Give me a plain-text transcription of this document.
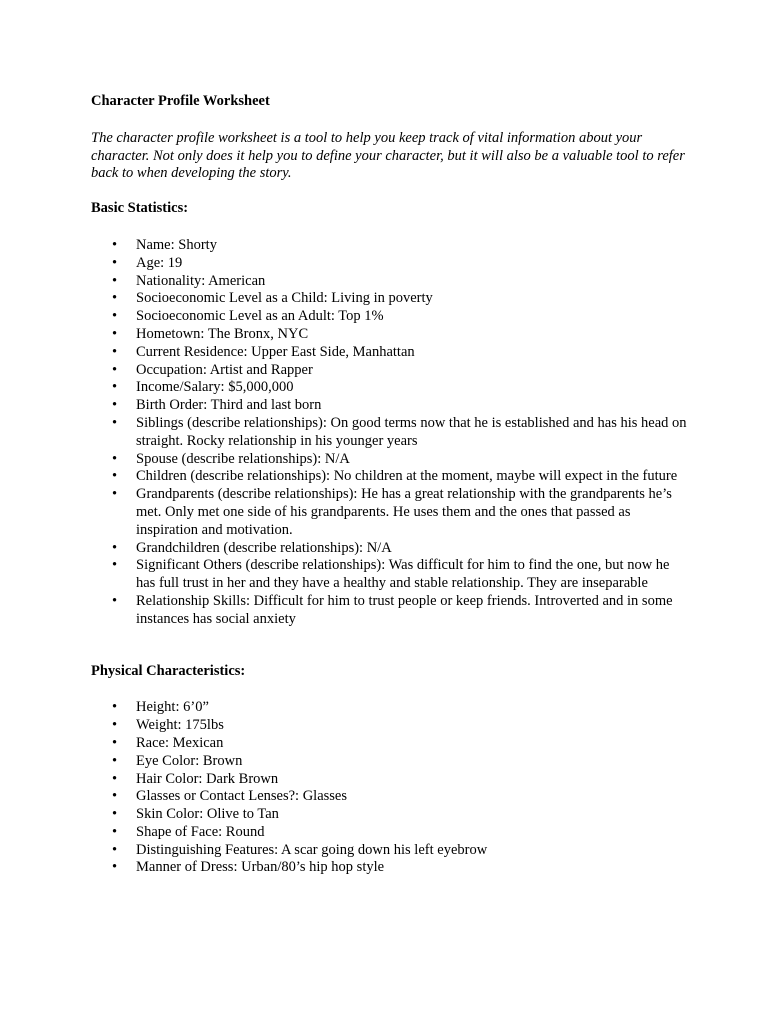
Character Profile Worksheet
The character profile worksheet is a tool to help you keep track of vital information about your character. Not only does it help you to define your character, but it will also be a valuable tool to refer back to when developing the story.
Basic Statistics:
• Name: Shorty
• Age: 19
• Nationality: American
• Socioeconomic Level as a Child: Living in poverty
• Socioeconomic Level as an Adult: Top 1%
• Hometown: The Bronx, NYC
• Current Residence: Upper East Side, Manhattan
• Occupation: Artist and Rapper
• Income/Salary: $5,000,000
• Birth Order: Third and last born
• Siblings (describe relationships): On good terms now that he is established and has his head on straight. Rocky relationship in his younger years
• Spouse (describe relationships): N/A
• Children (describe relationships): No children at the moment, maybe will expect in the future
• Grandparents (describe relationships): He has a great relationship with the grandparents he’s met. Only met one side of his grandparents. He uses them and the ones that passed as inspiration and motivation.
• Grandchildren (describe relationships): N/A
• Significant Others (describe relationships): Was difficult for him to find the one, but now he has full trust in her and they have a healthy and stable relationship. They are inseparable
• Relationship Skills: Difficult for him to trust people or keep friends. Introverted and in some instances has social anxiety
Physical Characteristics:
• Height: 6’0”
• Weight: 175lbs
• Race: Mexican
• Eye Color: Brown
• Hair Color: Dark Brown
• Glasses or Contact Lenses?: Glasses
• Skin Color: Olive to Tan
• Shape of Face: Round
• Distinguishing Features: A scar going down his left eyebrow
• Manner of Dress: Urban/80’s hip hop style
